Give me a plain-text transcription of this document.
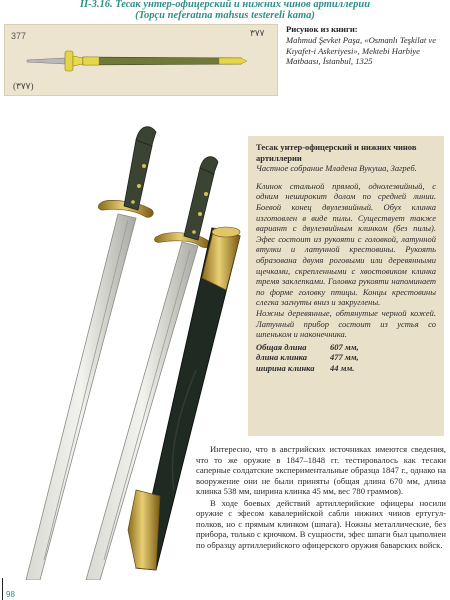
II-3.16. Тесак унтер-офицерский и нижних чинов артиллерии
(Topçu neferatına mahsus testereli kama)
377	٣٧٧
(٣٧٧)
Рисунок из книги:
Mahmud Şevket Paşa, «Osmanlı Teşkilat ve Kıyafet-i Askeriyesi», Mektebi Harbiye Matbaası, İstanbul, 1325
Тесак унтер-офицерский и нижних чинов артиллерии
Частное собрание Младена Вукуша, Загреб.
Клинок стальной прямой, однолезвийный, с одним неширокиm долом по средней линии. Боевой конец двулезвийный. Обух клинка изготовлен в виде пилы. Существует также вариант с двулезвийным клинком (без пилы). Эфес состоит из рукояти с головкой, латунной втулки и латунной крестовины. Рукоять образована двумя роговыми или деревянными щечками, скрепленными с хвостовиком клинка тремя заклепками. Головка рукояти напоминает по форме головку птицы. Концы крестовины слегка загнуты вниз и закруглены.
Ножны деревянные, обтянутые черной кожей. Латунный прибор состоит из устья со шпеньком и наконечника.
Общая длина	607 мм,
длина клинка	477 мм,
ширина клинка	44 мм.

Интересно, что в австрийских источниках имеются сведения, что то же оружие в 1847–1848 гг. тестировалось как тесаки саперные солдатские экспериментальные образца 1847 г., однако на вооружение они не были приняты (общая длина 670 мм, длина клинка 538 мм, ширина клинка 45 мм, вес 780 граммов).

В ходе боевых действий артиллерийские офицеры носили оружие с эфесом кавалерийской сабли нижних чинов ертугул-полков, но с прямым клинком (шпага). Ножны металлические, без прибора, только с крючком. В сущности, эфес шпаги был цыполнен по образцу артиллерийского офицерского оружия баварских войск.

98
